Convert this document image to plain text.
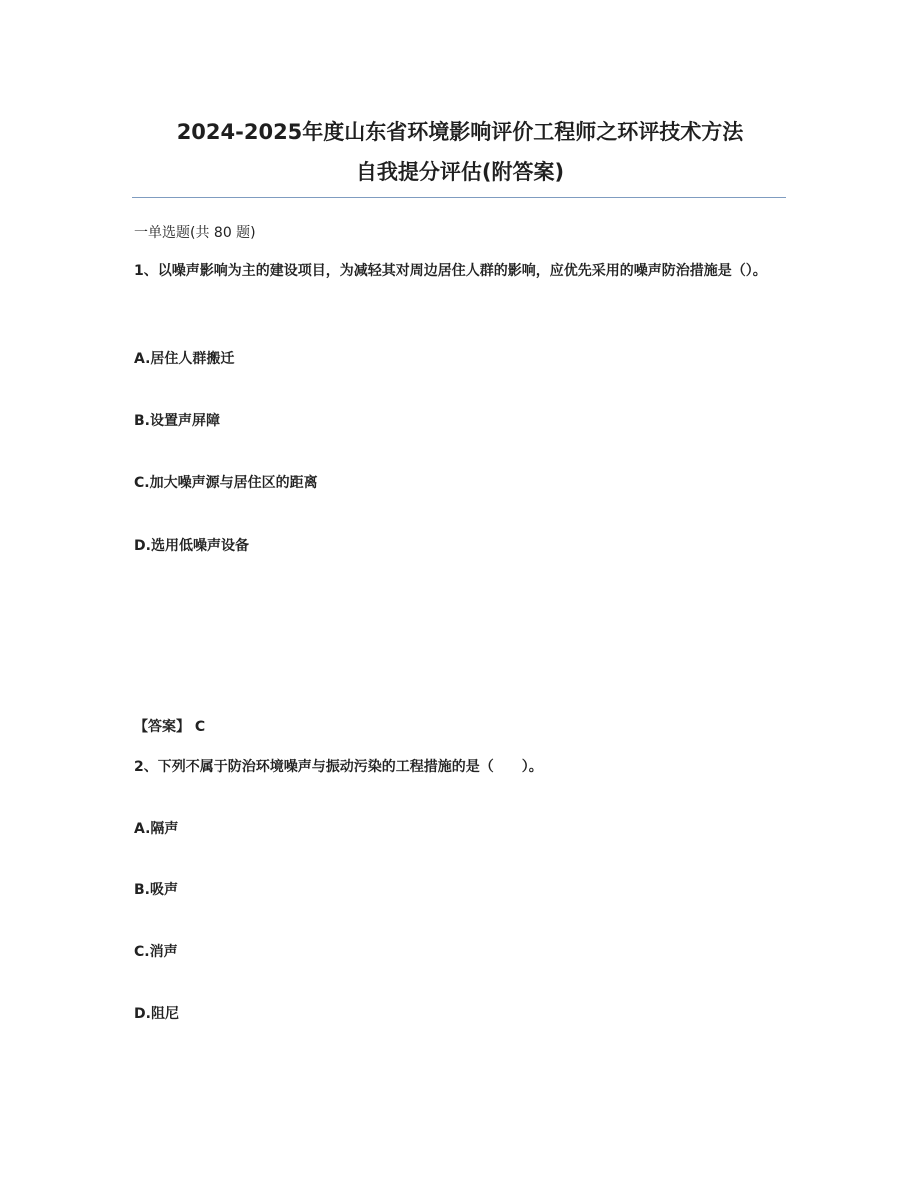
2024-2025年度山东省环境影响评价工程师之环评技术方法
自我提分评估(附答案)
一单选题(共 80 题)
1、以噪声影响为主的建设项目，为减轻其对周边居住人群的影响，应优先采用的噪声防治措施是（）。
A.居住人群搬迁
B.设置声屏障
C.加大噪声源与居住区的距离
D.选用低噪声设备
【答案】 C
2、下列不属于防治环境噪声与振动污染的工程措施的是（　　）。
A.隔声
B.吸声
C.消声
D.阻尼
